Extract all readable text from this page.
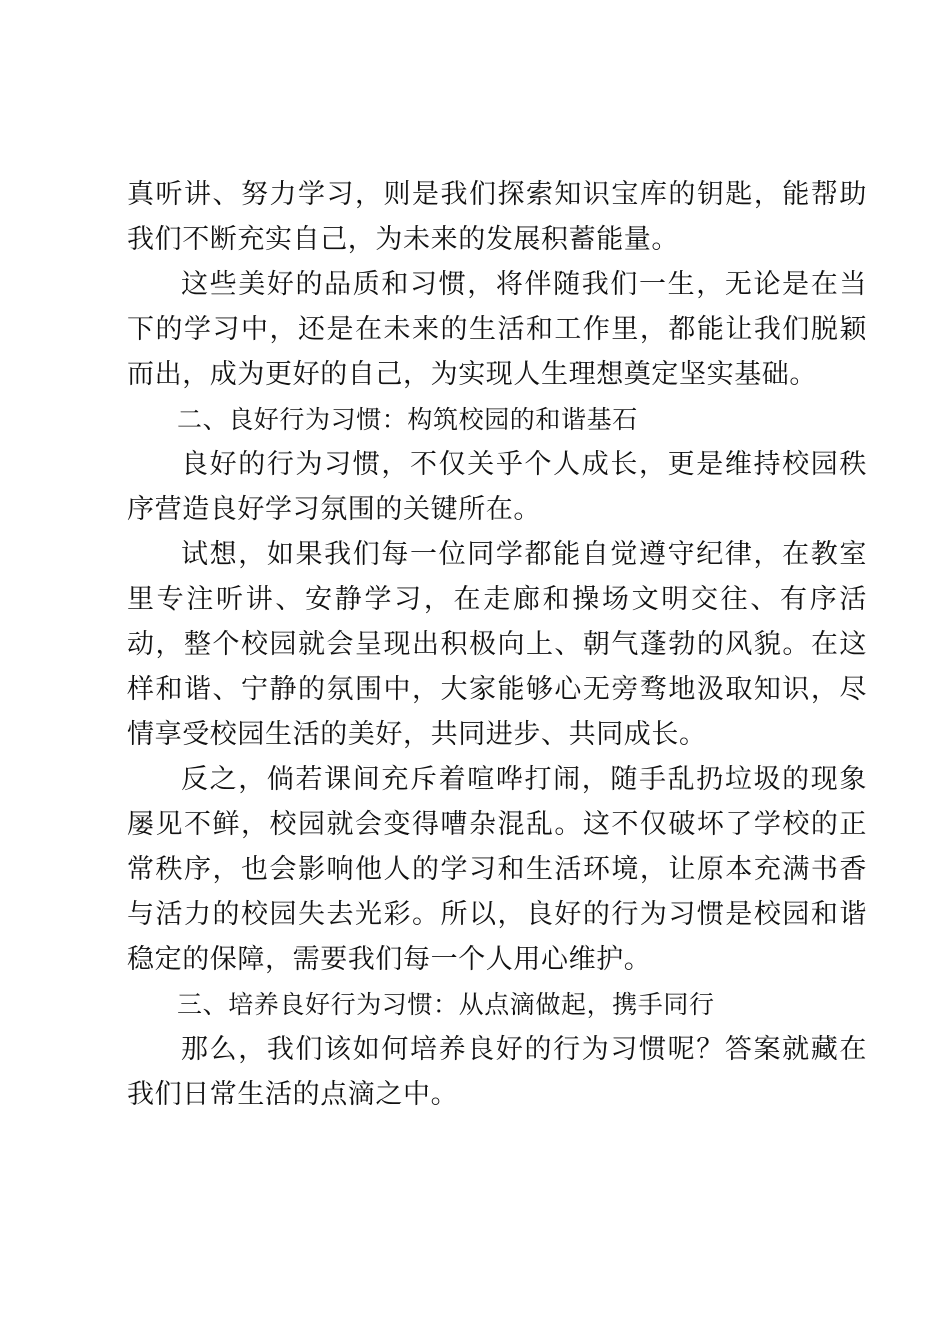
真听讲、努力学习，则是我们探索知识宝库的钥匙，能帮助我们不断充实自己，为未来的发展积蓄能量。

这些美好的品质和习惯，将伴随我们一生，无论是在当下的学习中，还是在未来的生活和工作里，都能让我们脱颖而出，成为更好的自己，为实现人生理想奠定坚实基础。

二、良好行为习惯：构筑校园的和谐基石

良好的行为习惯，不仅关乎个人成长，更是维持校园秩序营造良好学习氛围的关键所在。

试想，如果我们每一位同学都能自觉遵守纪律，在教室里专注听讲、安静学习，在走廊和操场文明交往、有序活动，整个校园就会呈现出积极向上、朝气蓬勃的风貌。在这样和谐、宁静的氛围中，大家能够心无旁骛地汲取知识，尽情享受校园生活的美好，共同进步、共同成长。

反之，倘若课间充斥着喧哗打闹，随手乱扔垃圾的现象屡见不鲜，校园就会变得嘈杂混乱。这不仅破坏了学校的正常秩序，也会影响他人的学习和生活环境，让原本充满书香与活力的校园失去光彩。所以，良好的行为习惯是校园和谐稳定的保障，需要我们每一个人用心维护。

三、培养良好行为习惯：从点滴做起，携手同行

那么，我们该如何培养良好的行为习惯呢？答案就藏在我们日常生活的点滴之中。
